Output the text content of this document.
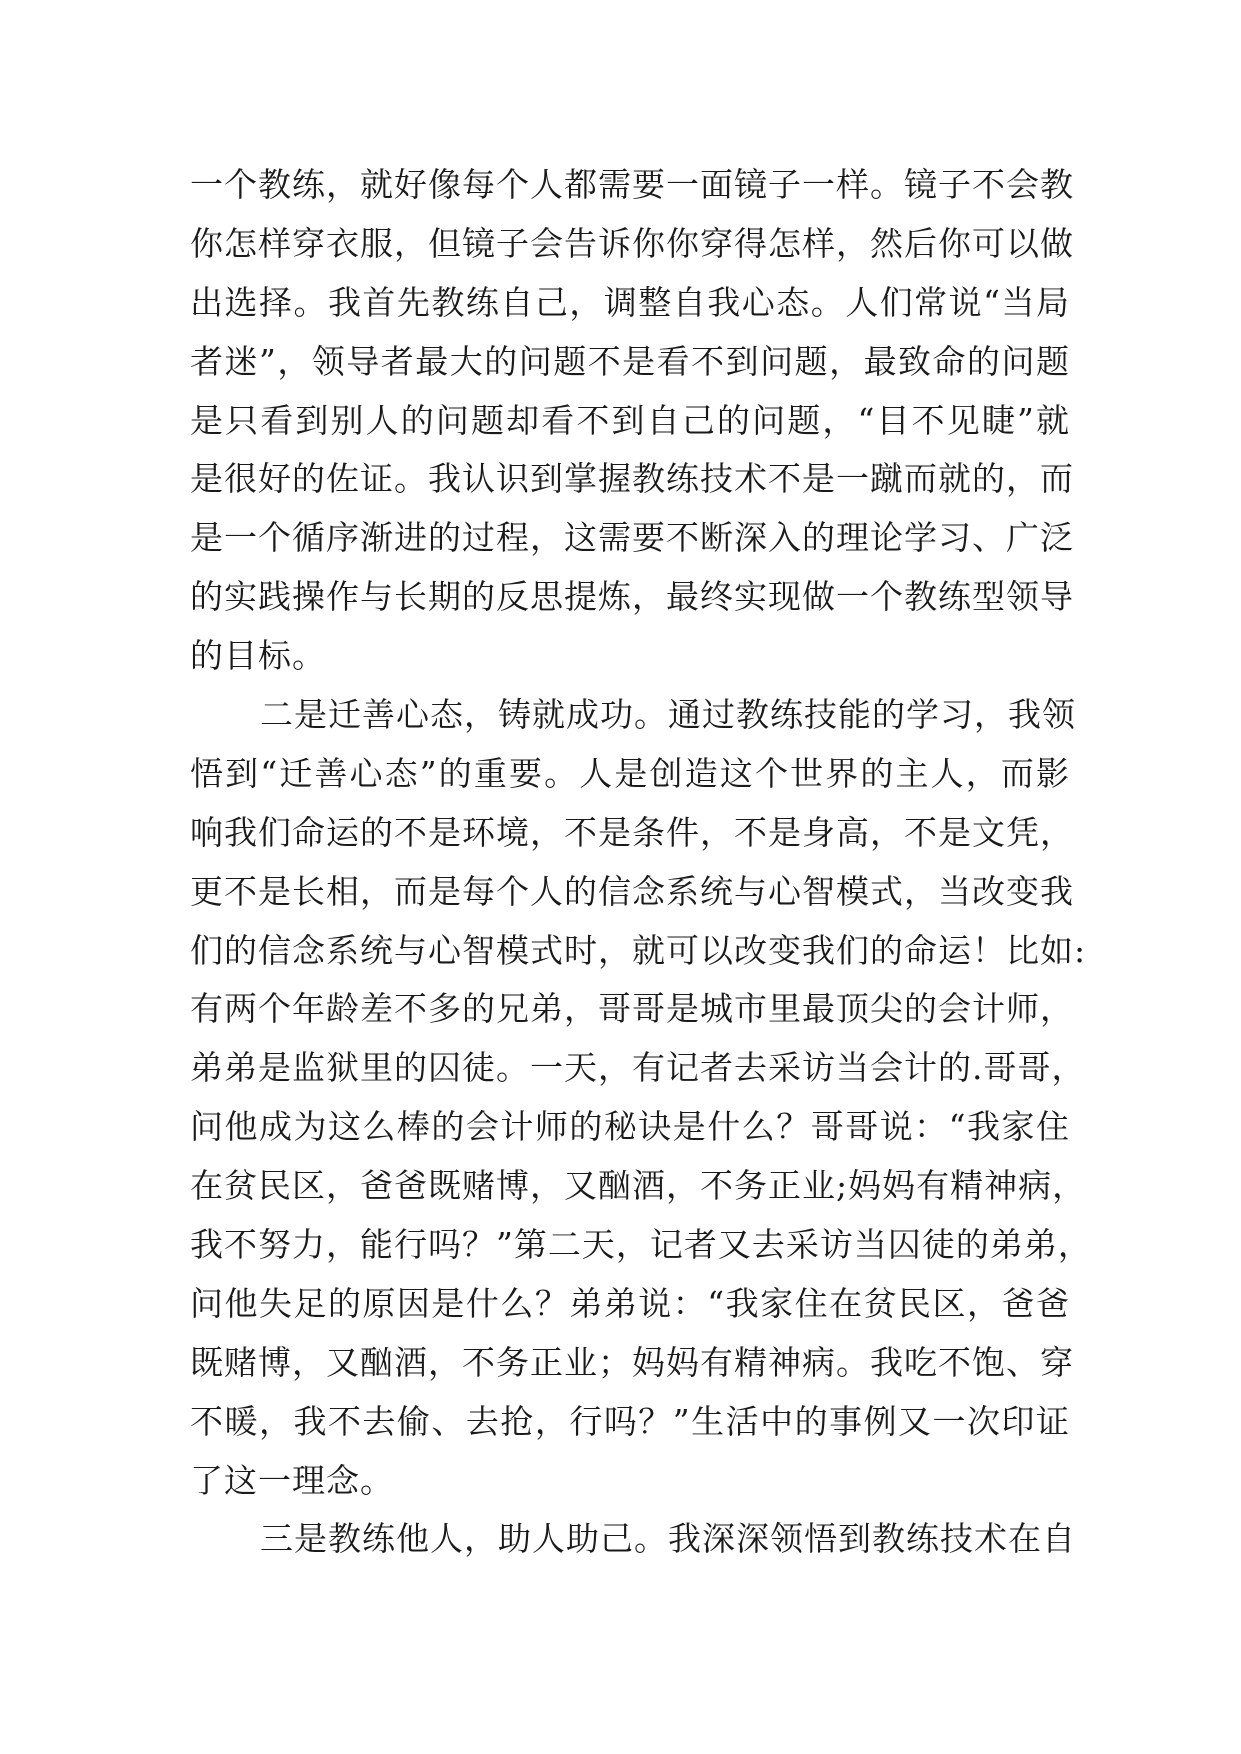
一个教练，就好像每个人都需要一面镜子一样。镜子不会教
你怎样穿衣服，但镜子会告诉你你穿得怎样，然后你可以做
出选择。我首先教练自己，调整自我心态。人们常说“当局
者迷”，领导者最大的问题不是看不到问题，最致命的问题
是只看到别人的问题却看不到自己的问题，“目不见睫”就
是很好的佐证。我认识到掌握教练技术不是一蹴而就的，而
是一个循序渐进的过程，这需要不断深入的理论学习、广泛
的实践操作与长期的反思提炼，最终实现做一个教练型领导
的目标。
二是迁善心态，铸就成功。通过教练技能的学习，我领
悟到“迁善心态”的重要。人是创造这个世界的主人，而影
响我们命运的不是环境，不是条件，不是身高，不是文凭，
更不是长相，而是每个人的信念系统与心智模式，当改变我
们的信念系统与心智模式时，就可以改变我们的命运！比如:
有两个年龄差不多的兄弟，哥哥是城市里最顶尖的会计师，
弟弟是监狱里的囚徒。一天，有记者去采访当会计的.哥哥，
问他成为这么棒的会计师的秘诀是什么？哥哥说：“我家住
在贫民区，爸爸既赌博，又酗酒，不务正业;妈妈有精神病，
我不努力，能行吗？”第二天，记者又去采访当囚徒的弟弟，
问他失足的原因是什么？弟弟说：“我家住在贫民区，爸爸
既赌博，又酗酒，不务正业；妈妈有精神病。我吃不饱、穿
不暖，我不去偷、去抢，行吗？”生活中的事例又一次印证
了这一理念。
三是教练他人，助人助己。我深深领悟到教练技术在自
